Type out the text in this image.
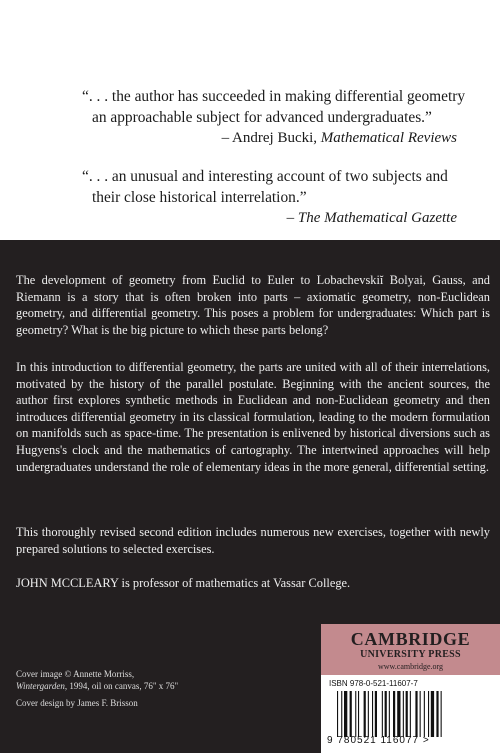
“. . . the author has succeeded in making differential geometry

an approachable subject for advanced undergraduates.”

– Andrej Bucki, Mathematical Reviews

“. . . an unusual and interesting account of two subjects and

their close historical interrelation.”

– The Mathematical Gazette

The development of geometry from Euclid to Euler to Lobachevskiĭ Bolyai, Gauss, and Riemann is a story that is often broken into parts – axiomatic geometry, non-Euclidean geometry, and differential geometry. This poses a problem for undergraduates: Which part is geometry? What is the big picture to which these parts belong?

In this introduction to differential geometry, the parts are united with all of their interrelations, motivated by the history of the parallel postulate. Beginning with the ancient sources, the author first explores synthetic methods in Euclidean and non-Euclidean geometry and then introduces differential geometry in its classical formulation, leading to the modern formulation on manifolds such as space-time. The presentation is enlivened by historical diversions such as Hugyens's clock and the mathematics of cartography. The intertwined approaches will help undergraduates understand the role of elementary ideas in the more general, differential setting.

This thoroughly revised second edition includes numerous new exercises, together with newly prepared solutions to selected exercises.

JOHN MCCLEARY is professor of mathematics at Vassar College.

Cover image © Annette Morriss,
Wintergarden, 1994, oil on canvas, 76" x 76"
Cover design by James F. Brisson
CAMBRIDGE
UNIVERSITY PRESS
www.cambridge.org
ISBN 978-0-521-11607-7
9 780521 116077 >
